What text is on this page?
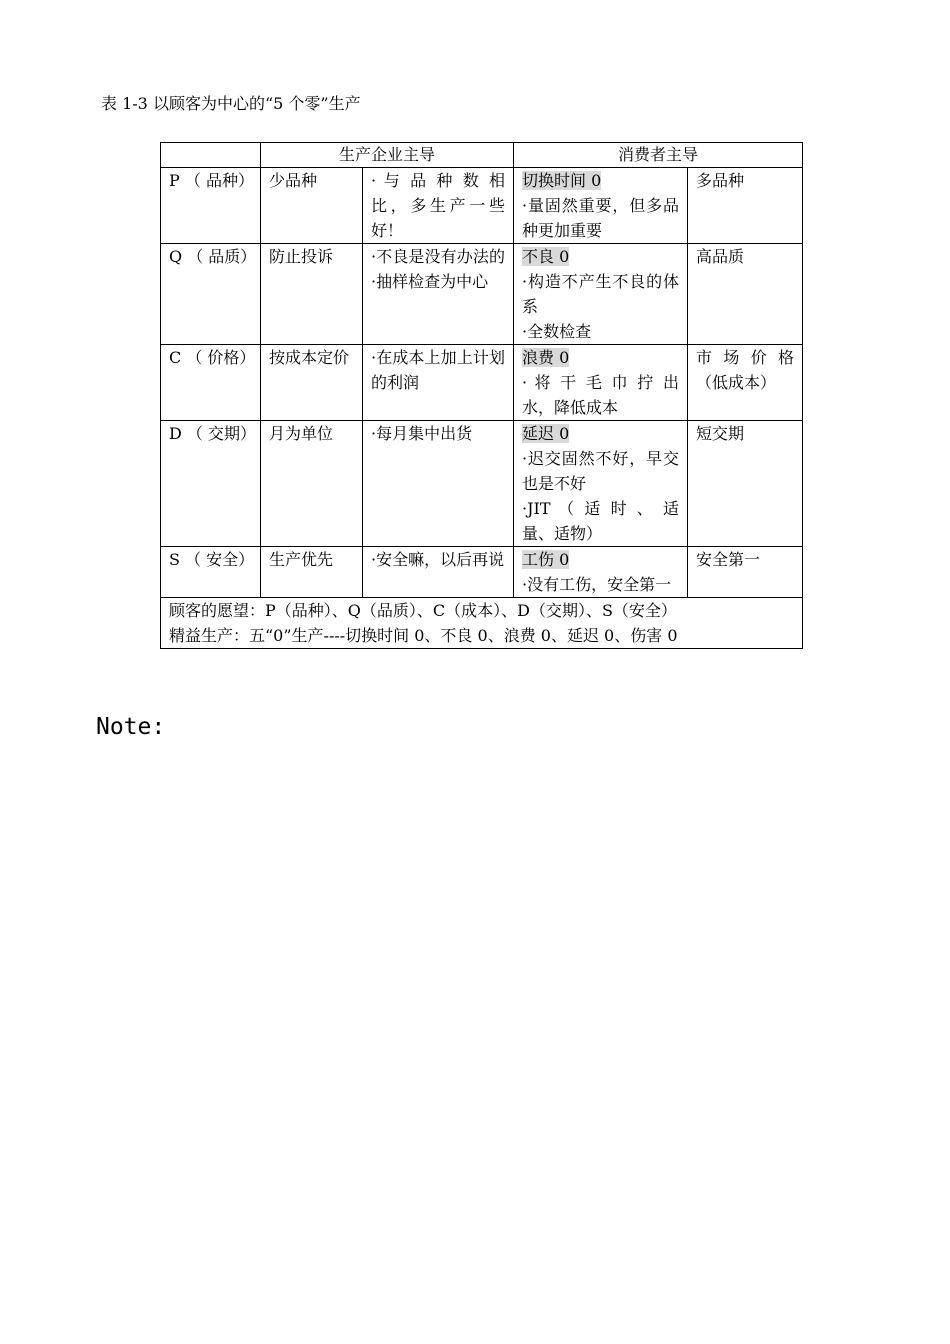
表 1-3 以顾客为中心的“5 个零”生产
	生产企业主导		消费者主导	
P （ 品种）	少品种	· 与 品 种 数 相比，多生产一些好！	切换时间 0
·量固然重要，但多品种更加重要	多品种
Q （ 品质）	防止投诉	·不良是没有办法的·抽样检查为中心	不良 0
·构造不产生不良的体系
·全数检查	高品质
C （ 价格）	按成本定价	·在成本上加上计划的利润	浪费 0
· 将 干 毛 巾 拧 出水，降低成本	市 场 价 格（低成本）
D （ 交期）	月为单位	·每月集中出货	延迟 0
·迟交固然不好，早交也是不好
·JIT （ 适 时 、 适量、适物）	短交期
S （ 安全）	生产优先	·安全嘛，以后再说	工伤 0
·没有工伤，安全第一	安全第一

顾客的愿望：P（品种）、Q（品质）、C（成本）、D（交期）、S（安全）
精益生产：五“0”生产----切换时间 0、不良 0、浪费 0、延迟 0、伤害 0				
Note:
